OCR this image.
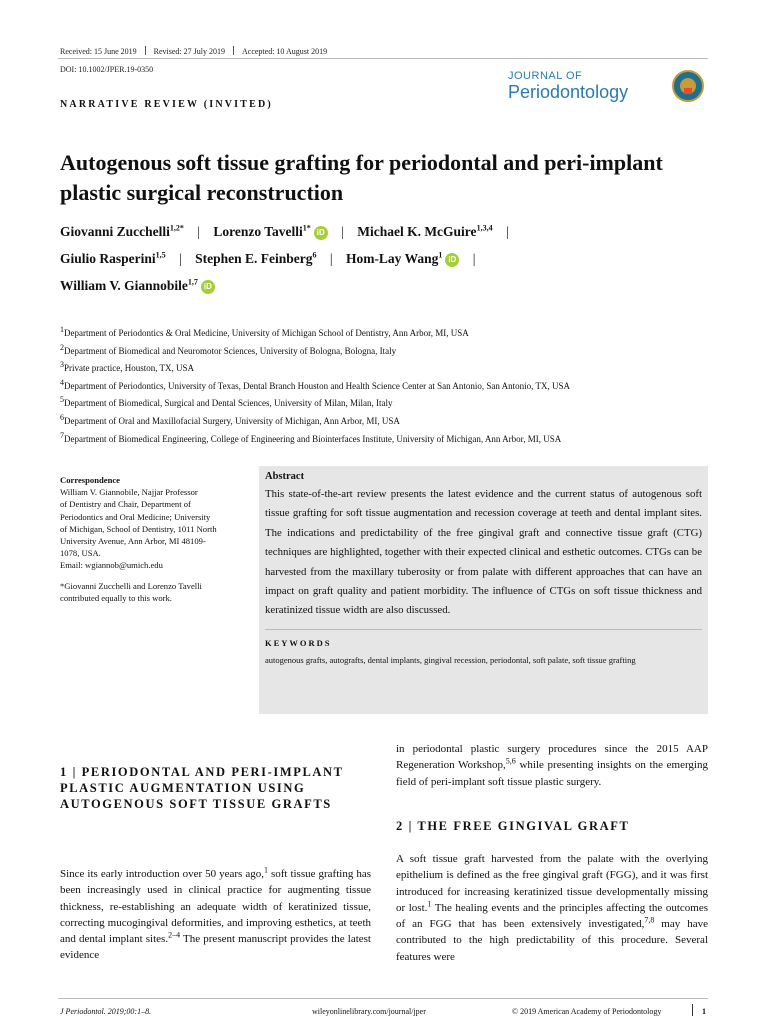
Received: 15 June 2019 Revised: 27 July 2019 Accepted: 10 August 2019
DOI: 10.1002/JPER.19-0350
NARRATIVE REVIEW (INVITED)
JOURNAL OF
Periodontology
Autogenous soft tissue grafting for periodontal and peri-implant plastic surgical reconstruction
Giovanni Zucchelli$^{1,2*}$ | Lorenzo Tavelli$^{1*}$ iD | Michael K. McGuire$^{1,3,4}$ |
Giulio Rasperini$^{1,5}$ | Stephen E. Feinberg$^6$ | Hom-Lay Wang$^1$ iD |
William V. Giannobile$^{1,7}$ iD
$^1$Department of Periodontics & Oral Medicine, University of Michigan School of Dentistry, Ann Arbor, MI, USA
$^2$Department of Biomedical and Neuromotor Sciences, University of Bologna, Bologna, Italy
$^3$Private practice, Houston, TX, USA
$^4$Department of Periodontics, University of Texas, Dental Branch Houston and Health Science Center at San Antonio, San Antonio, TX, USA
$^5$Department of Biomedical, Surgical and Dental Sciences, University of Milan, Milan, Italy
$^6$Department of Oral and Maxillofacial Surgery, University of Michigan, Ann Arbor, MI, USA
$^7$Department of Biomedical Engineering, College of Engineering and Biointerfaces Institute, University of Michigan, Ann Arbor, MI, USA
Correspondence
William V. Giannobile, Najjar Professor
of Dentistry and Chair, Department of
Periodontics and Oral Medicine; University
of Michigan, School of Dentistry, 1011 North
University Avenue, Ann Arbor, MI 48109-
1078, USA.
Email: wgiannob@umich.edu
*Giovanni Zucchelli and Lorenzo Tavelli
contributed equally to this work.
Abstract
This state-of-the-art review presents the latest evidence and the current status of autogenous soft tissue grafting for soft tissue augmentation and recession coverage at teeth and dental implant sites. The indications and predictability of the free gingival graft and connective tissue graft (CTG) techniques are highlighted, together with their expected clinical and esthetic outcomes. CTGs can be harvested from the maxillary tuberosity or from palate with different approaches that can have an impact on graft quality and patient morbidity. The influence of CTGs on soft tissue thickness and keratinized tissue width are also discussed.
KEYWORDS
autogenous grafts, autografts, dental implants, gingival recession, periodontal, soft palate, soft tissue grafting
1 | PERIODONTAL AND PERI-IMPLANT PLASTIC AUGMENTATION USING AUTOGENOUS SOFT TISSUE GRAFTS
Since its early introduction over 50 years ago,$^1$ soft tissue grafting has been increasingly used in clinical practice for augmenting tissue thickness, re-establishing an adequate width of keratinized tissue, correcting mucogingival deformities, and improving esthetics, at teeth and dental implant sites.$^{2-4}$ The present manuscript provides the latest evidence
in periodontal plastic surgery procedures since the 2015 AAP Regeneration Workshop,$^{5,6}$ while presenting insights on the emerging field of peri-implant soft tissue plastic surgery.
2 | THE FREE GINGIVAL GRAFT
A soft tissue graft harvested from the palate with the overlying epithelium is defined as the free gingival graft (FGG), and it was first introduced for increasing keratinized tissue developmentally missing or lost.$^1$ The healing events and the principles affecting the outcomes of an FGG that has been extensively investigated,$^{7,8}$ may have contributed to the high predictability of this procedure. Several features were
J Periodontol. 2019;00:1–8.	wileyonlinelibrary.com/journal/jper	© 2019 American Academy of Periodontology	1
